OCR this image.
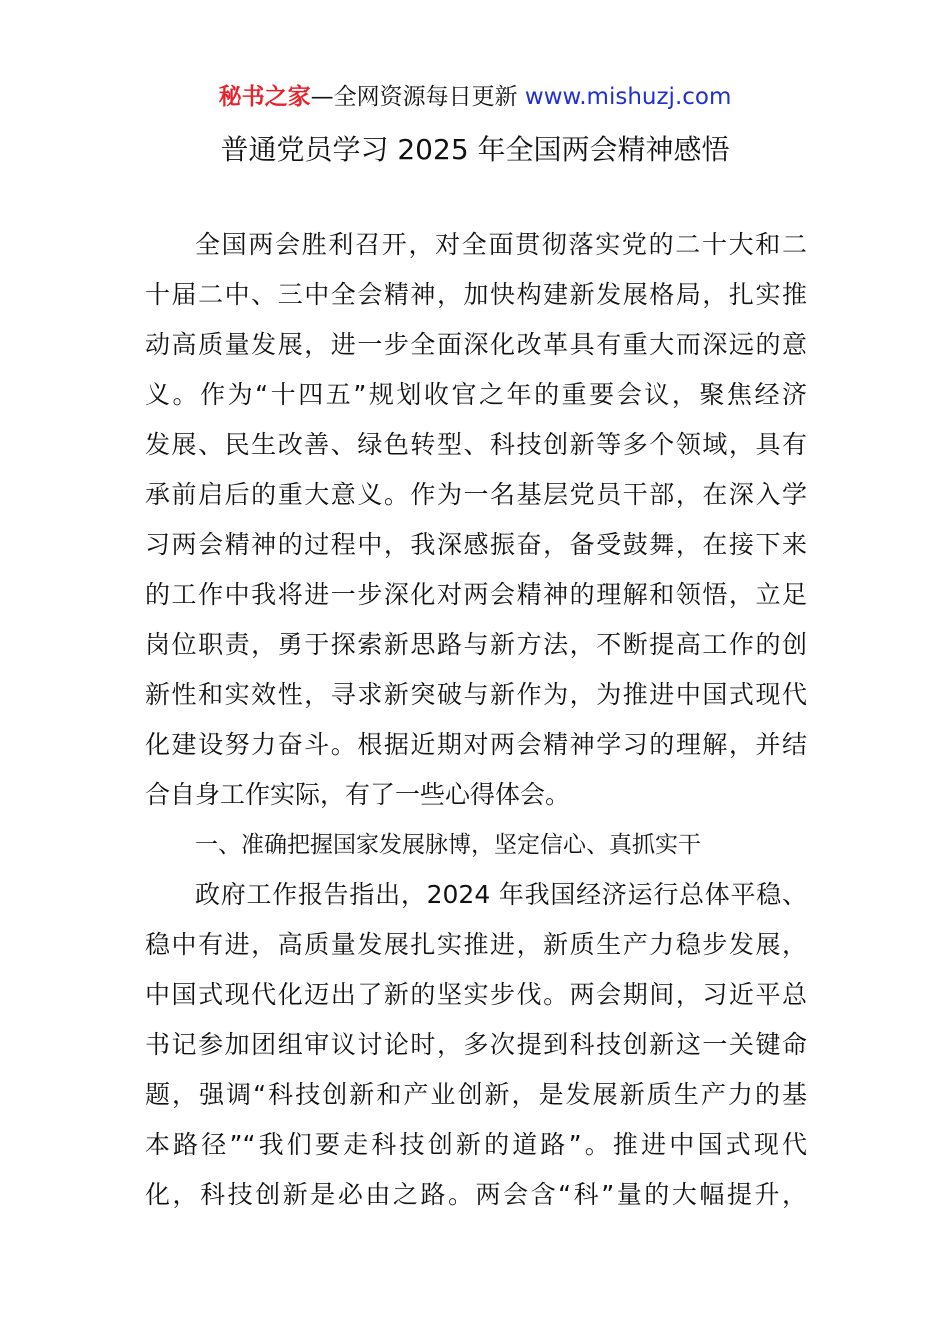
秘书之家—全网资源每日更新 www.mishuzj.com
普通党员学习 2025 年全国两会精神感悟
全国两会胜利召开，对全面贯彻落实党的二十大和二
十届二中、三中全会精神，加快构建新发展格局，扎实推
动高质量发展，进一步全面深化改革具有重大而深远的意
义。作为“十四五”规划收官之年的重要会议，聚焦经济
发展、民生改善、绿色转型、科技创新等多个领域，具有
承前启后的重大意义。作为一名基层党员干部，在深入学
习两会精神的过程中，我深感振奋，备受鼓舞，在接下来
的工作中我将进一步深化对两会精神的理解和领悟，立足
岗位职责，勇于探索新思路与新方法，不断提高工作的创
新性和实效性，寻求新突破与新作为，为推进中国式现代
化建设努力奋斗。根据近期对两会精神学习的理解，并结
合自身工作实际，有了一些心得体会。
一、准确把握国家发展脉博，坚定信心、真抓实干
政府工作报告指出，2024 年我国经济运行总体平稳、
稳中有进，高质量发展扎实推进，新质生产力稳步发展，
中国式现代化迈出了新的坚实步伐。两会期间，习近平总
书记参加团组审议讨论时，多次提到科技创新这一关键命
题，强调“科技创新和产业创新，是发展新质生产力的基
本路径”“我们要走科技创新的道路”。推进中国式现代
化，科技创新是必由之路。两会含“科”量的大幅提升，
